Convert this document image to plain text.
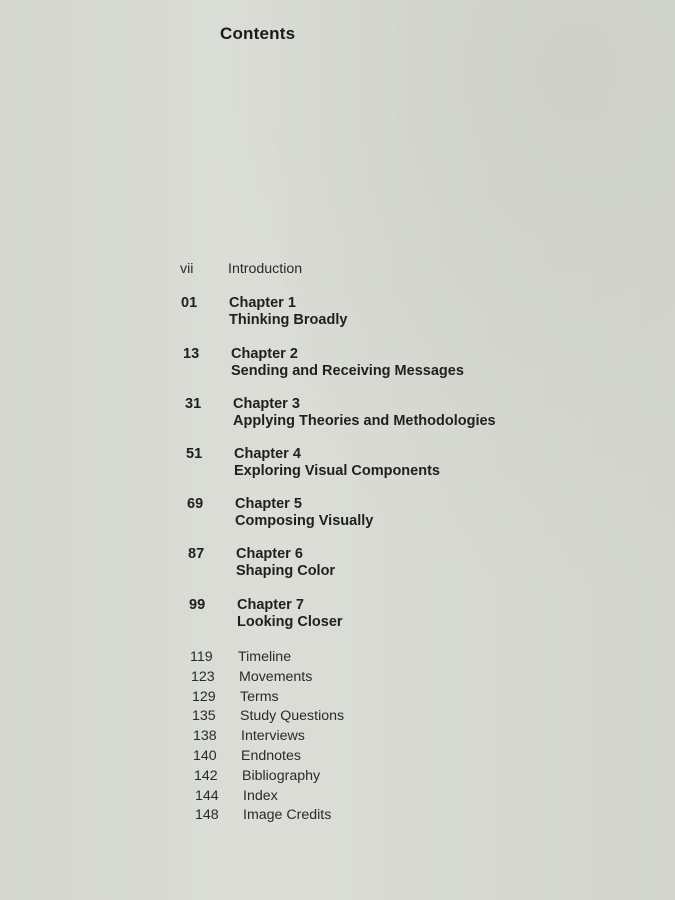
Contents
vii	Introduction
01	Chapter 1
Thinking Broadly
13	Chapter 2
Sending and Receiving Messages
31	Chapter 3
Applying Theories and Methodologies
51	Chapter 4
Exploring Visual Components
69	Chapter 5
Composing Visually
87	Chapter 6
Shaping Color
99	Chapter 7
Looking Closer
119	Timeline
123	Movements
129	Terms
135	Study Questions
138	Interviews
140	Endnotes
142	Bibliography
144	Index
148	Image Credits
